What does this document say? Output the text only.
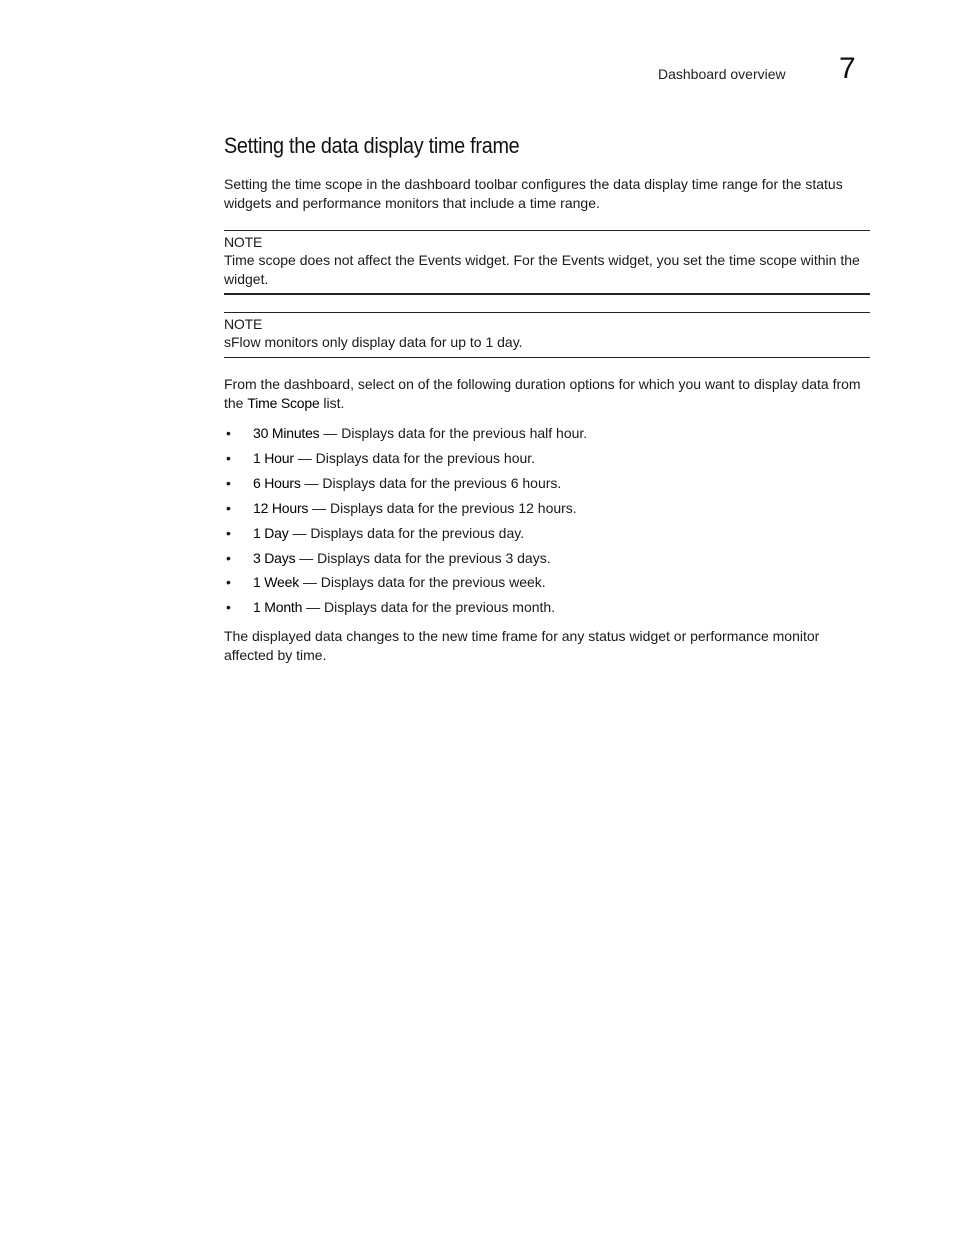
Dashboard overview 7
Setting the data display time frame

Setting the time scope in the dashboard toolbar configures the data display time range for the status widgets and performance monitors that include a time range.

NOTE

Time scope does not affect the Events widget. For the Events widget, you set the time scope within the widget.

NOTE

sFlow monitors only display data for up to 1 day.

From the dashboard, select on of the following duration options for which you want to display data from the Time Scope list.

• 30 Minutes — Displays data for the previous half hour.
• 1 Hour — Displays data for the previous hour.
• 6 Hours — Displays data for the previous 6 hours.
• 12 Hours — Displays data for the previous 12 hours.
• 1 Day — Displays data for the previous day.
• 3 Days — Displays data for the previous 3 days.
• 1 Week — Displays data for the previous week.
• 1 Month — Displays data for the previous month.

The displayed data changes to the new time frame for any status widget or performance monitor affected by time.
